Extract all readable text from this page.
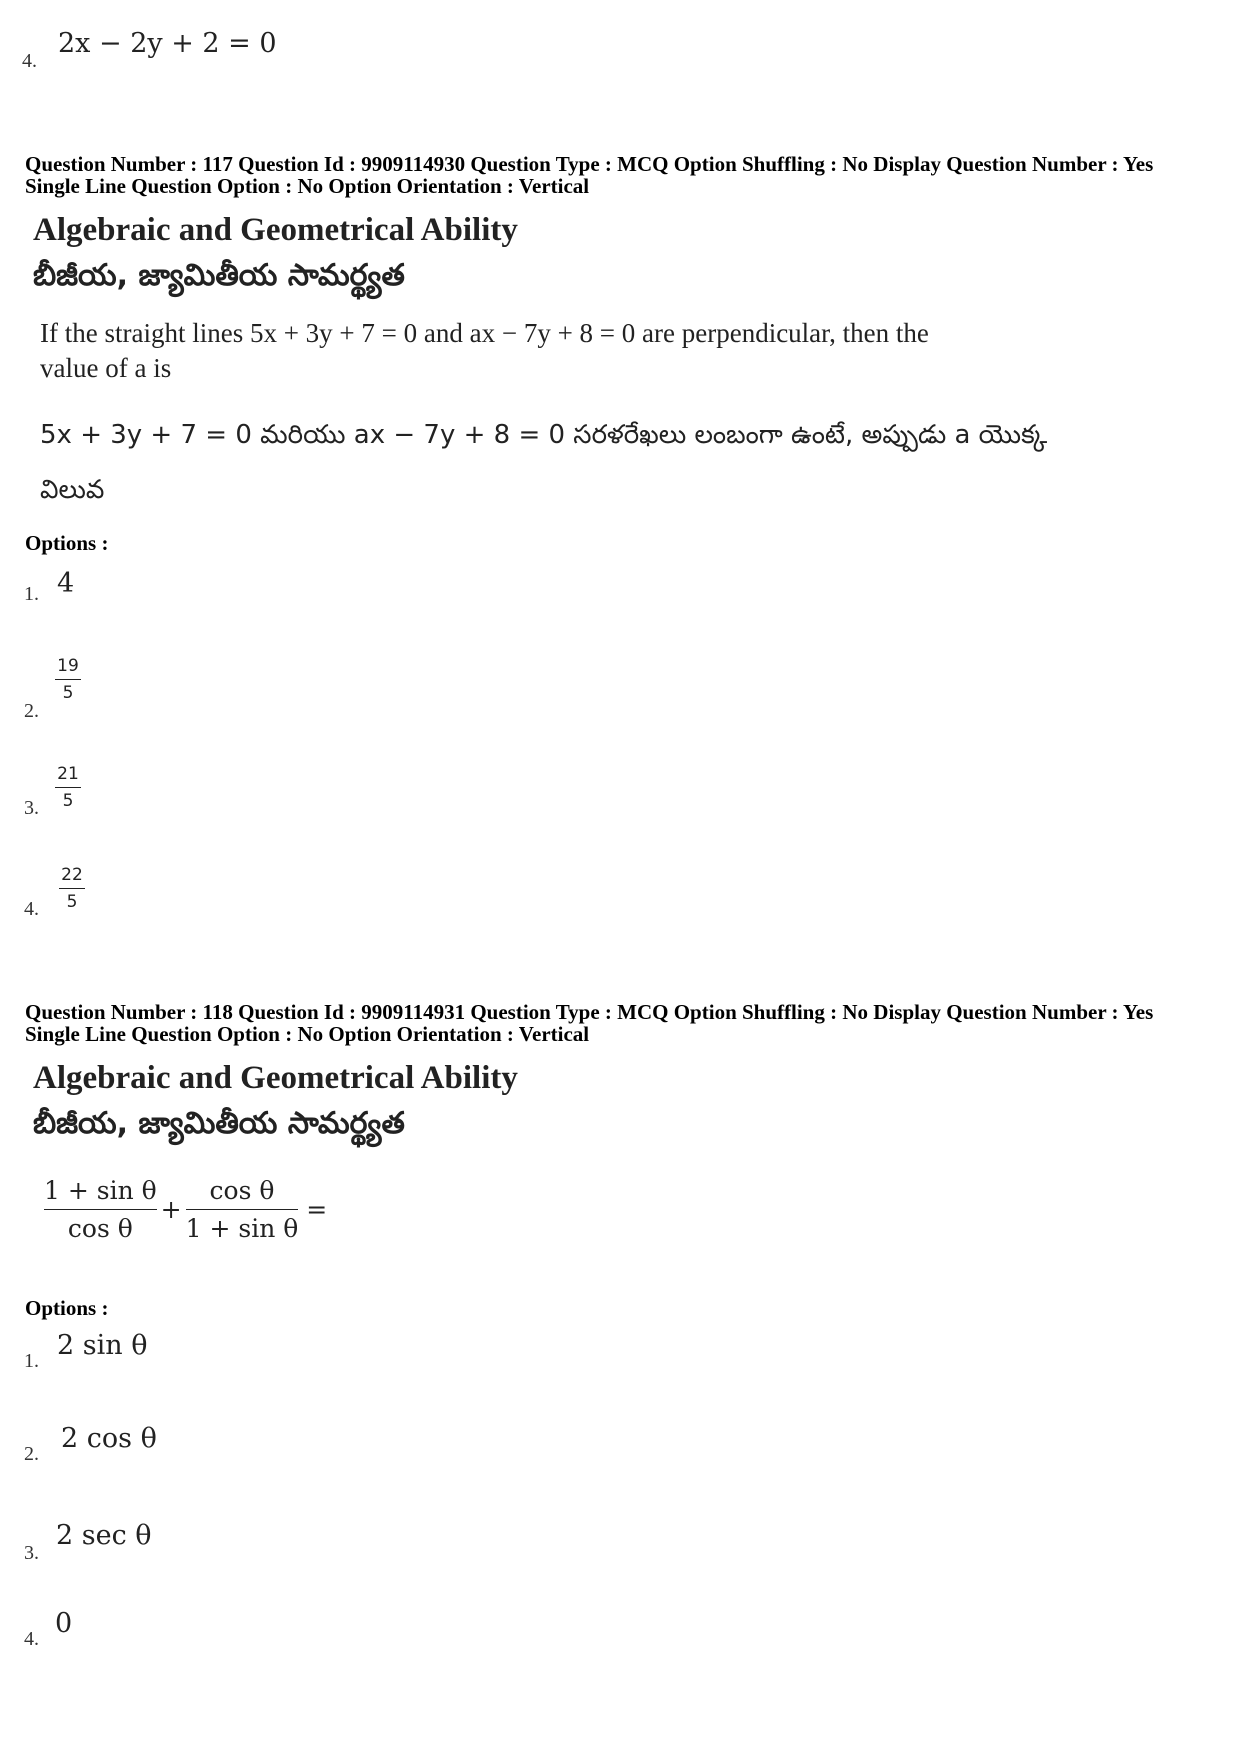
4.
2x − 2y + 2 = 0
Question Number : 117 Question Id : 9909114930 Question Type : MCQ Option Shuffling : No Display Question Number : Yes
Single Line Question Option : No Option Orientation : Vertical
Algebraic and Geometrical Ability
బీజీయ, జ్యామితీయ సామర్థ్యత
If the straight lines 5x + 3y + 7 = 0 and ax − 7y + 8 = 0 are perpendicular, then the
value of a is
5x + 3y + 7 = 0 మరియు ax − 7y + 8 = 0 సరళరేఖలు లంబంగా ఉంటే, అప్పుడు a యొక్క
విలువ
Options :
1. 4
2.
19
5
3.
21
5
4.
22
5
Question Number : 118 Question Id : 9909114931 Question Type : MCQ Option Shuffling : No Display Question Number : Yes
Single Line Question Option : No Option Orientation : Vertical
Algebraic and Geometrical Ability
బీజీయ, జ్యామితీయ సామర్థ్యత
1 + sin θ
cos θ
+
cos θ
1 + sin θ
=
Options :
1. 2 sin θ
2. 2 cos θ
3.
2 sec θ
4. 0
